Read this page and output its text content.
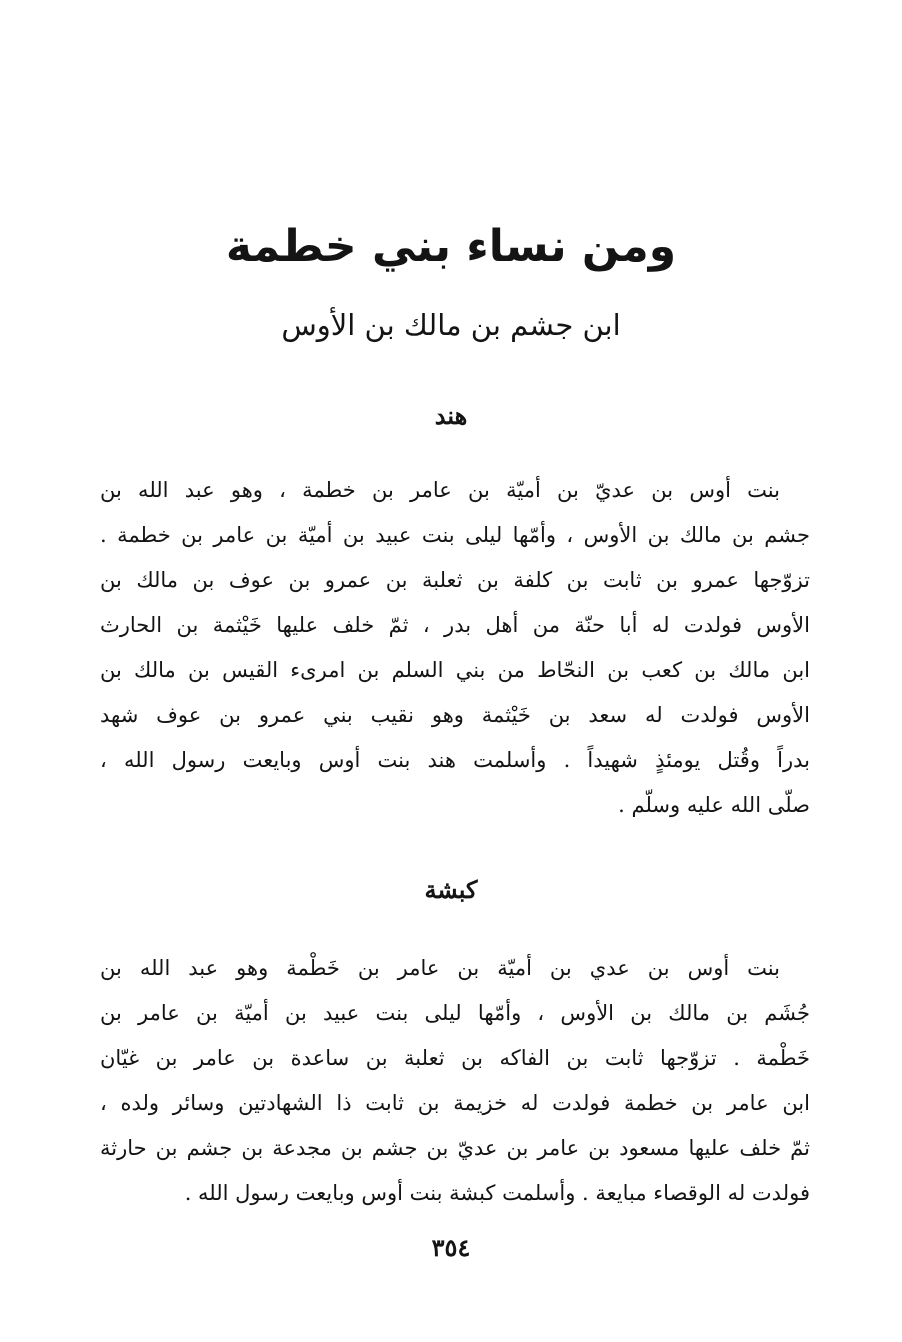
ومن نساء بني خطمة
ابن جشم بن مالك بن الأوس
هند
بنت أوس بن عديّ بن أميّة بن عامر بن خطمة ، وهو عبد الله بن
جشم بن مالك بن الأوس ، وأمّها ليلى بنت عبيد بن أميّة بن عامر بن خطمة .
تزوّجها عمرو بن ثابت بن كلفة بن ثعلبة بن عمرو بن عوف بن مالك بن
الأوس فولدت له أبا حنّة من أهل بدر ، ثمّ خلف عليها خَيْثمة بن الحارث
ابن مالك بن كعب بن النحّاط من بني السلم بن امرىء القيس بن مالك بن
الأوس فولدت له سعد بن خَيْثمة وهو نقيب بني عمرو بن عوف شهد
بدراً وقُتل يومئذٍ شهيداً . وأسلمت هند بنت أوس وبايعت رسول الله ،
صلّى الله عليه وسلّم .
كبشة
بنت أوس بن عدي بن أميّة بن عامر بن خَطْمة وهو عبد الله بن
جُشَم بن مالك بن الأوس ، وأمّها ليلى بنت عبيد بن أميّة بن عامر بن
خَطْمة . تزوّجها ثابت بن الفاكه بن ثعلبة بن ساعدة بن عامر بن غيّان
ابن عامر بن خطمة فولدت له خزيمة بن ثابت ذا الشهادتين وسائر ولده ،
ثمّ خلف عليها مسعود بن عامر بن عديّ بن جشم بن مجدعة بن جشم بن حارثة
فولدت له الوقصاء مبايعة . وأسلمت كبشة بنت أوس وبايعت رسول الله .
٣٥٤
